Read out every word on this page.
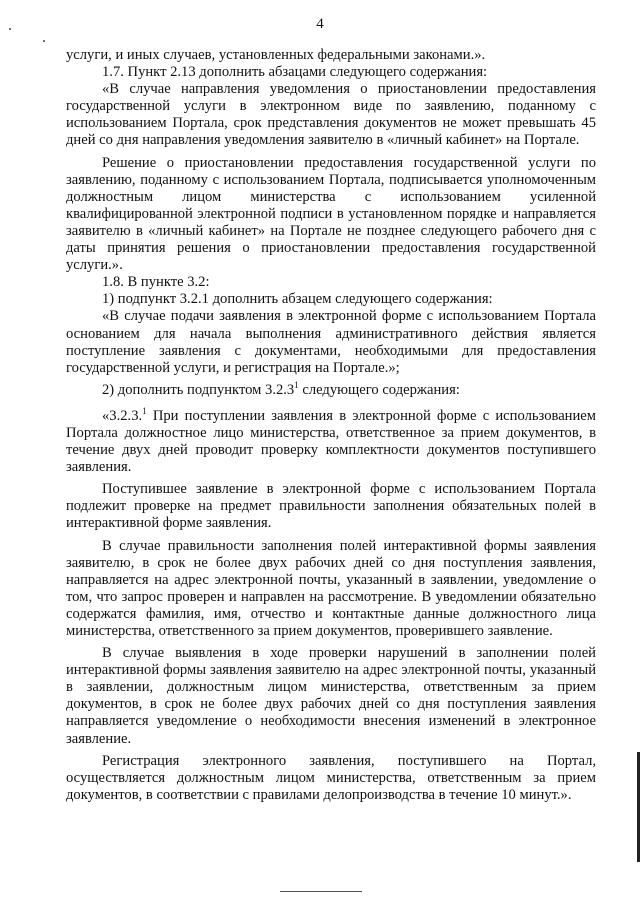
4

услуги, и иных случаев, установленных федеральными законами.».

1.7. Пункт 2.13 дополнить абзацами следующего содержания:

«В случае направления уведомления о приостановлении предоставления государственной услуги в электронном виде по заявлению, поданному с использованием Портала, срок представления документов не может превышать 45 дней со дня направления уведомления заявителю в «личный кабинет» на Портале.

Решение о приостановлении предоставления государственной услуги по заявлению, поданному с использованием Портала, подписывается уполномоченным должностным лицом министерства с использованием усиленной квалифицированной электронной подписи в установленном порядке и направляется заявителю в «личный кабинет» на Портале не позднее следующего рабочего дня с даты принятия решения о приостановлении предоставления государственной услуги.».

1.8. В пункте 3.2:

1) подпункт 3.2.1 дополнить абзацем следующего содержания:

«В случае подачи заявления в электронной форме с использованием Портала основанием для начала выполнения административного действия является поступление заявления с документами, необходимыми для предоставления государственной услуги, и регистрация на Портале.»;

2) дополнить подпунктом 3.2.3$^1$ следующего содержания:

«3.2.3.$^1$ При поступлении заявления в электронной форме с использованием Портала должностное лицо министерства, ответственное за прием документов, в течение двух дней проводит проверку комплектности документов поступившего заявления.

Поступившее заявление в электронной форме с использованием Портала подлежит проверке на предмет правильности заполнения обязательных полей в интерактивной форме заявления.

В случае правильности заполнения полей интерактивной формы заявления заявителю, в срок не более двух рабочих дней со дня поступления заявления, направляется на адрес электронной почты, указанный в заявлении, уведомление о том, что запрос проверен и направлен на рассмотрение. В уведомлении обязательно содержатся фамилия, имя, отчество и контактные данные должностного лица министерства, ответственного за прием документов, проверившего заявление.

В случае выявления в ходе проверки нарушений в заполнении полей интерактивной формы заявления заявителю на адрес электронной почты, указанный в заявлении, должностным лицом министерства, ответственным за прием документов, в срок не более двух рабочих дней со дня поступления заявления направляется уведомление о необходимости внесения изменений в электронное заявление.

Регистрация электронного заявления, поступившего на Портал, осуществляется должностным лицом министерства, ответственным за прием документов, в соответствии с правилами делопроизводства в течение 10 минут.».
